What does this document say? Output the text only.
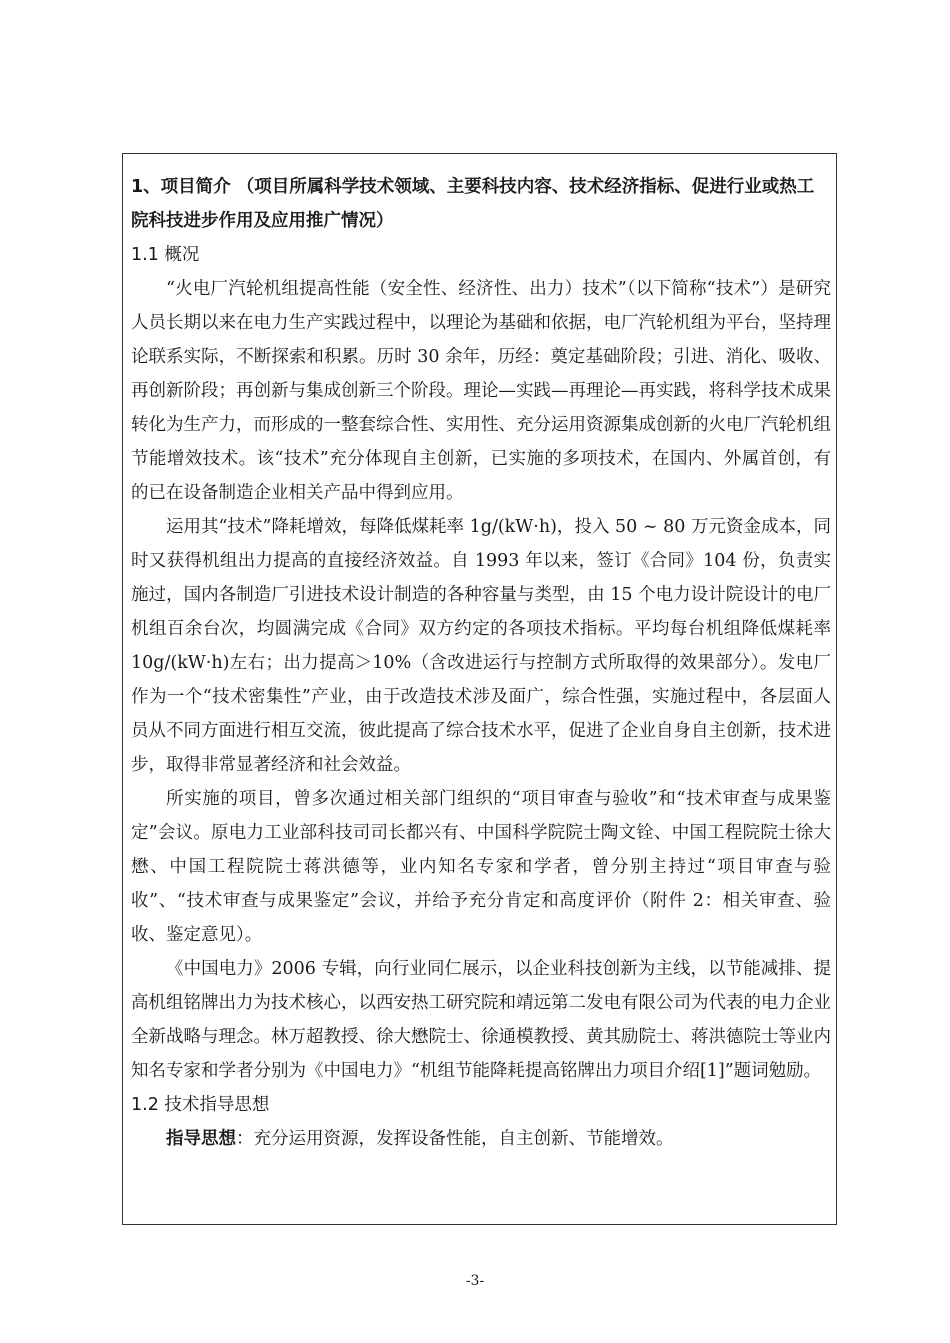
1、项目简介 （项目所属科学技术领域、主要科技内容、技术经济指标、促进行业或热工院科技进步作用及应用推广情况）

1.1 概况

“火电厂汽轮机组提高性能（安全性、经济性、出力）技术”（以下简称“技术”）是研究人员长期以来在电力生产实践过程中，以理论为基础和依据，电厂汽轮机组为平台，坚持理论联系实际，不断探索和积累。历时 30 余年，历经：奠定基础阶段；引进、消化、吸收、再创新阶段；再创新与集成创新三个阶段。理论—实践—再理论—再实践，将科学技术成果转化为生产力，而形成的一整套综合性、实用性、充分运用资源集成创新的火电厂汽轮机组节能增效技术。该“技术”充分体现自主创新，已实施的多项技术，在国内、外属首创，有的已在设备制造企业相关产品中得到应用。

运用其“技术”降耗增效，每降低煤耗率 1g/(kW·h)，投入 50 ~ 80 万元资金成本，同时又获得机组出力提高的直接经济效益。自 1993 年以来，签订《合同》104 份，负责实施过，国内各制造厂引进技术设计制造的各种容量与类型，由 15 个电力设计院设计的电厂机组百余台次，均圆满完成《合同》双方约定的各项技术指标。平均每台机组降低煤耗率 10g/(kW·h)左右；出力提高＞10%（含改进运行与控制方式所取得的效果部分）。发电厂作为一个“技术密集性”产业，由于改造技术涉及面广，综合性强，实施过程中，各层面人员从不同方面进行相互交流，彼此提高了综合技术水平，促进了企业自身自主创新，技术进步，取得非常显著经济和社会效益。

所实施的项目，曾多次通过相关部门组织的“项目审查与验收”和“技术审查与成果鉴定”会议。原电力工业部科技司司长都兴有、中国科学院院士陶文铨、中国工程院院士徐大懋、中国工程院院士蒋洪德等，业内知名专家和学者，曾分别主持过“项目审查与验收”、“技术审查与成果鉴定”会议，并给予充分肯定和高度评价（附件 2：相关审查、验收、鉴定意见）。

《中国电力》2006 专辑，向行业同仁展示，以企业科技创新为主线，以节能减排、提高机组铭牌出力为技术核心，以西安热工研究院和靖远第二发电有限公司为代表的电力企业全新战略与理念。林万超教授、徐大懋院士、徐通模教授、黄其励院士、蒋洪德院士等业内知名专家和学者分别为《中国电力》“机组节能降耗提高铭牌出力项目介绍[1]”题词勉励。

1.2 技术指导思想

指导思想：充分运用资源，发挥设备性能，自主创新、节能增效。

-3-
